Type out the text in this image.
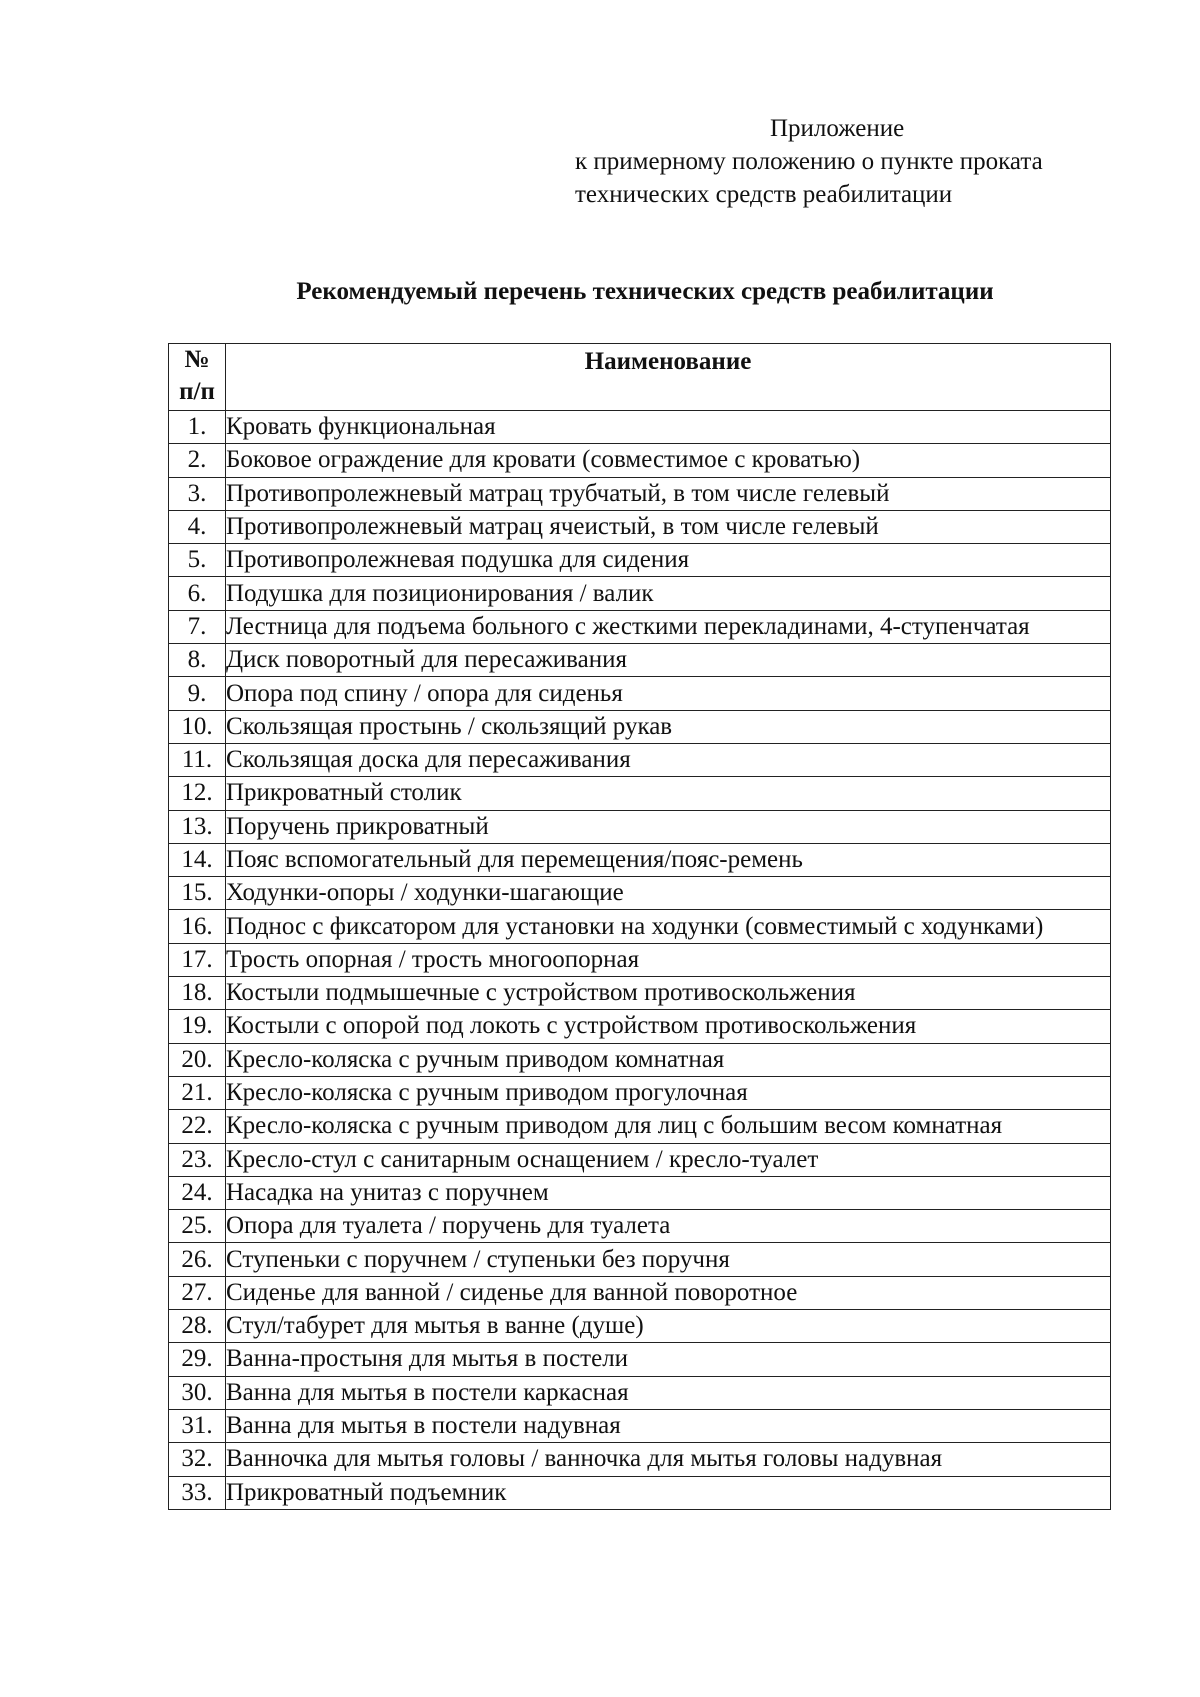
Приложение
к примерному положению о пункте проката
технических средств реабилитации
Рекомендуемый перечень технических средств реабилитации
№
п/п	Наименование
1.	Кровать функциональная
2.	Боковое ограждение для кровати (совместимое с кроватью)
3.	Противопролежневый матрац трубчатый, в том числе гелевый
4.	Противопролежневый матрац ячеистый, в том числе гелевый
5.	Противопролежневая подушка для сидения
6.	Подушка для позиционирования / валик
7.	Лестница для подъема больного с жесткими перекладинами, 4-ступенчатая
8.	Диск поворотный для пересаживания
9.	Опора под спину / опора для сиденья
10.	Скользящая простынь / скользящий рукав
11.	Скользящая доска для пересаживания
12.	Прикроватный столик
13.	Поручень прикроватный
14.	Пояс вспомогательный для перемещения/пояс-ремень
15.	Ходунки-опоры / ходунки-шагающие
16.	Поднос с фиксатором для установки на ходунки (совместимый с ходунками)
17.	Трость опорная / трость многоопорная
18.	Костыли подмышечные с устройством противоскольжения
19.	Костыли с опорой под локоть с устройством противоскольжения
20.	Кресло-коляска с ручным приводом комнатная
21.	Кресло-коляска с ручным приводом прогулочная
22.	Кресло-коляска с ручным приводом для лиц с большим весом комнатная
23.	Кресло-стул с санитарным оснащением / кресло-туалет
24.	Насадка на унитаз с поручнем
25.	Опора для туалета / поручень для туалета
26.	Ступеньки с поручнем / ступеньки без поручня
27.	Сиденье для ванной / сиденье для ванной поворотное
28.	Стул/табурет для мытья в ванне (душе)
29.	Ванна-простыня для мытья в постели
30.	Ванна для мытья в постели каркасная
31.	Ванна для мытья в постели надувная
32.	Ванночка для мытья головы / ванночка для мытья головы надувная
33.	Прикроватный подъемник
